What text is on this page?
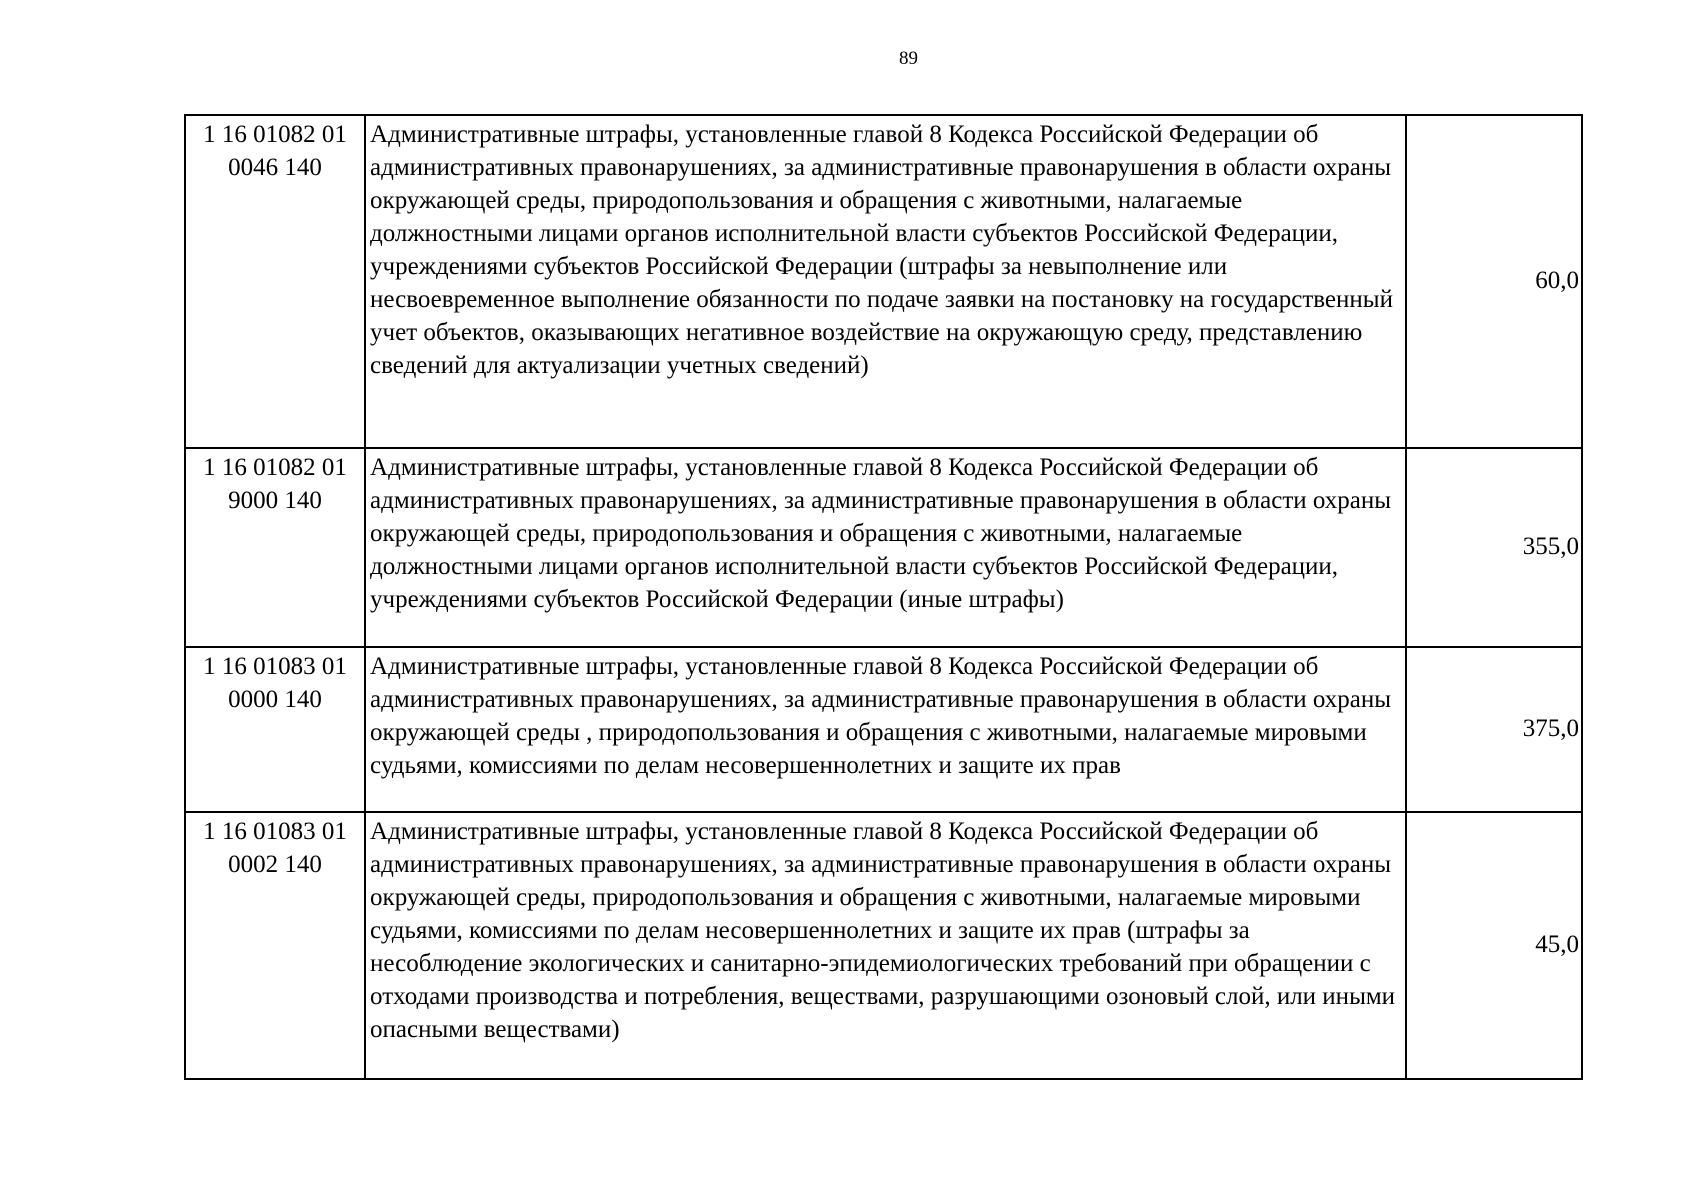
89
1 16 01082 01
0046 140	Административные штрафы, установленные главой 8 Кодекса Российской Федерации об административных правонарушениях, за административные правонарушения в области охраны окружающей среды, природопользования и обращения с животными, налагаемые должностными лицами органов исполнительной власти субъектов Российской Федерации, учреждениями субъектов Российской Федерации (штрафы за невыполнение или несвоевременное выполнение обязанности по подаче заявки на постановку на государственный учет объектов, оказывающих негативное воздействие на окружающую среду, представлению сведений для актуализации учетных сведений)	60,0
1 16 01082 01
9000 140	Административные штрафы, установленные главой 8 Кодекса Российской Федерации об административных правонарушениях, за административные правонарушения в области охраны окружающей среды, природопользования и обращения с животными, налагаемые должностными лицами органов исполнительной власти субъектов Российской Федерации, учреждениями субъектов Российской Федерации (иные штрафы)	355,0
1 16 01083 01
0000 140	Административные штрафы, установленные главой 8 Кодекса Российской Федерации об административных правонарушениях, за административные правонарушения в области охраны окружающей среды , природопользования и обращения с животными, налагаемые мировыми судьями, комиссиями по делам несовершеннолетних и защите их прав	375,0
1 16 01083 01
0002 140	Административные штрафы, установленные главой 8 Кодекса Российской Федерации об административных правонарушениях, за административные правонарушения в области охраны окружающей среды, природопользования и обращения с животными, налагаемые мировыми судьями, комиссиями по делам несовершеннолетних и защите их прав (штрафы за несоблюдение экологических и санитарно-эпидемиологических требований при обращении с отходами производства и потребления, веществами, разрушающими озоновый слой, или иными опасными веществами)	45,0
